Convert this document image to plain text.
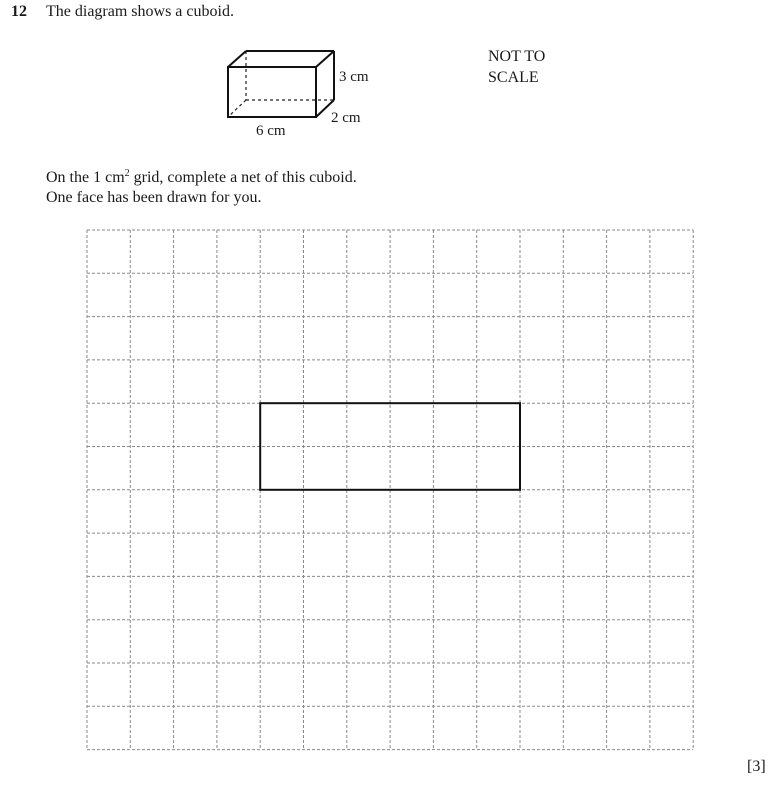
12 The diagram shows a cuboid.
3 cm
2 cm
6 cm
NOT TO
SCALE
On the 1 $cm^2$ grid, complete a net of this cuboid.
One face has been drawn for you.
[3]
